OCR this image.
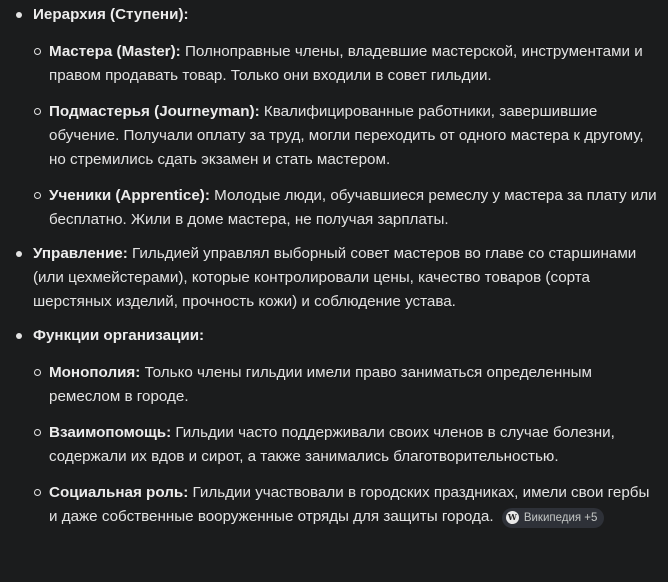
Иерархия (Ступени):
Мастера (Master): Полноправные члены, владевшие мастерской, инструментами и правом продавать товар. Только они входили в совет гильдии.
Подмастерья (Journeyman): Квалифицированные работники, завершившие обучение. Получали оплату за труд, могли переходить от одного мастера к другому, но стремились сдать экзамен и стать мастером.
Ученики (Apprentice): Молодые люди, обучавшиеся ремеслу у мастера за плату или бесплатно. Жили в доме мастера, не получая зарплаты.
Управление: Гильдией управлял выборный совет мастеров во главе со старшинами (или цехмейстерами), которые контролировали цены, качество товаров (сорта шерстяных изделий, прочность кожи) и соблюдение устава.
Функции организации:
Монополия: Только члены гильдии имели право заниматься определенным ремеслом в городе.
Взаимопомощь: Гильдии часто поддерживали своих членов в случае болезни, содержали их вдов и сирот, а также занимались благотворительностью.
Социальная роль: Гильдии участвовали в городских праздниках, имели свои гербы и даже собственные вооруженные отряды для защиты города. W Википедия +5
